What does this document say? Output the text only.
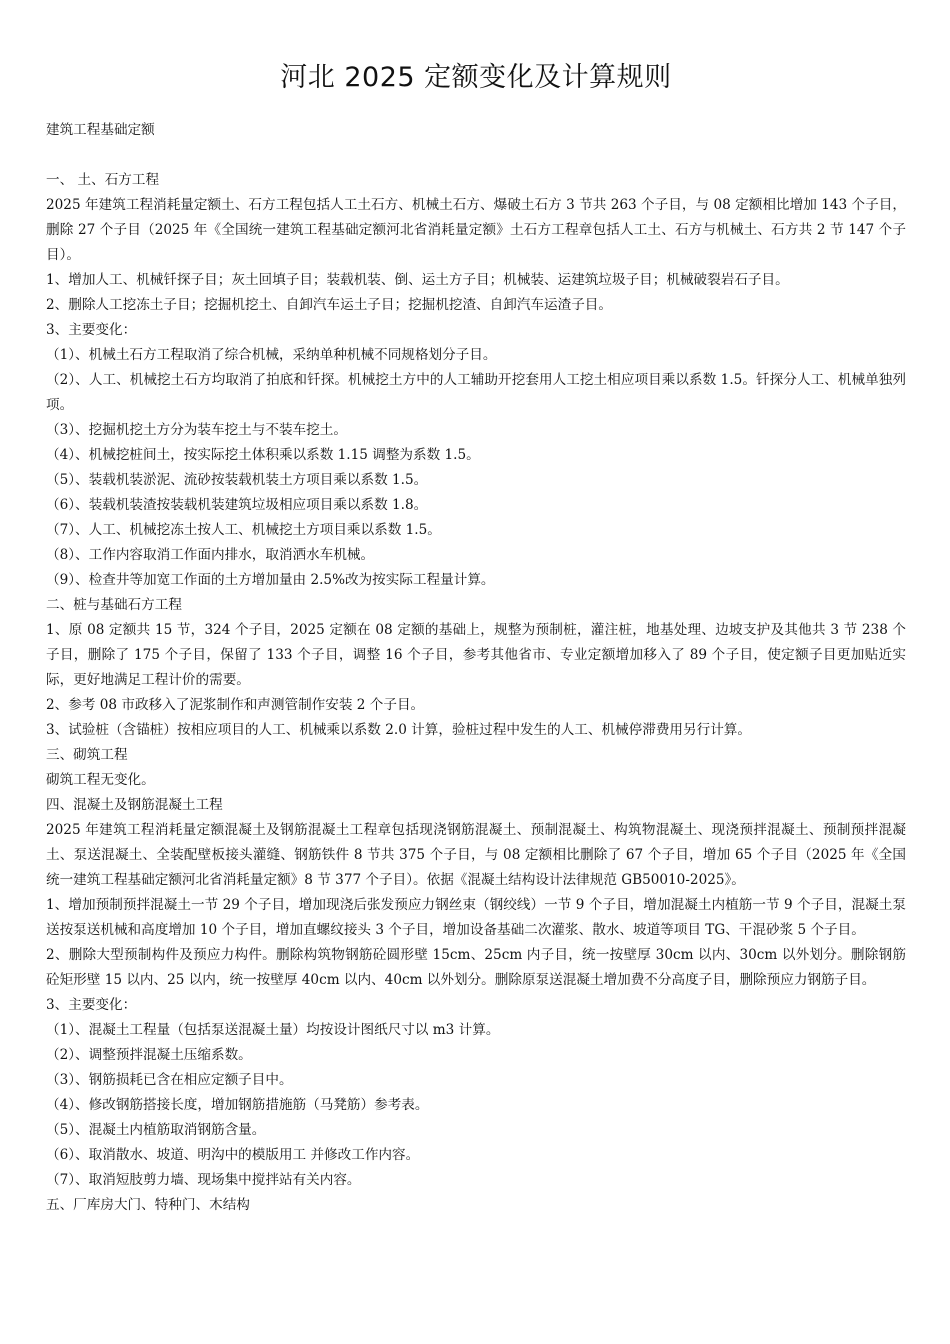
河北 2025 定额变化及计算规则
建筑工程基础定额

一、 土、石方工程

2025 年建筑工程消耗量定额土、石方工程包括人工土石方、机械土石方、爆破土石方 3 节共 263 个子目，与 08 定额相比增加 143 个子目，删除 27 个子目（2025 年《全国统一建筑工程基础定额河北省消耗量定额》土石方工程章包括人工土、石方与机械土、石方共 2 节 147 个子目）。

1、增加人工、机械钎探子目；灰土回填子目；装载机装、倒、运土方子目；机械装、运建筑垃圾子目；机械破裂岩石子目。

2、删除人工挖冻土子目；挖掘机挖土、自卸汽车运土子目；挖掘机挖渣、自卸汽车运渣子目。

3、主要变化：

（1）、机械土石方工程取消了综合机械，采纳单种机械不同规格划分子目。

（2）、人工、机械挖土石方均取消了拍底和钎探。机械挖土方中的人工辅助开挖套用人工挖土相应项目乘以系数 1.5。钎探分人工、机械单独列项。

（3）、挖掘机挖土方分为装车挖土与不装车挖土。

（4）、机械挖桩间土，按实际挖土体积乘以系数 1.15 调整为系数 1.5。

（5）、装载机装淤泥、流砂按装载机装土方项目乘以系数 1.5。

（6）、装载机装渣按装载机装建筑垃圾相应项目乘以系数 1.8。

（7）、人工、机械挖冻土按人工、机械挖土方项目乘以系数 1.5。

（8）、工作内容取消工作面内排水，取消洒水车机械。

（9）、检查井等加宽工作面的土方增加量由 2.5%改为按实际工程量计算。

二、桩与基础石方工程

1、原 08 定额共 15 节，324 个子目，2025 定额在 08 定额的基础上，规整为预制桩，灌注桩，地基处理、边坡支护及其他共 3 节 238 个子目，删除了 175 个子目，保留了 133 个子目，调整 16 个子目，参考其他省市、专业定额增加移入了 89 个子目，使定额子目更加贴近实际，更好地满足工程计价的需要。

2、参考 08 市政移入了泥浆制作和声测管制作安装 2 个子目。

3、试验桩（含锚桩）按相应项目的人工、机械乘以系数 2.0 计算，验桩过程中发生的人工、机械停滞费用另行计算。

三、砌筑工程

砌筑工程无变化。

四、混凝土及钢筋混凝土工程

2025 年建筑工程消耗量定额混凝土及钢筋混凝土工程章包括现浇钢筋混凝土、预制混凝土、构筑物混凝土、现浇预拌混凝土、预制预拌混凝土、泵送混凝土、全装配壁板接头灌缝、钢筋铁件 8 节共 375 个子目，与 08 定额相比删除了 67 个子目，增加 65 个子目（2025 年《全国统一建筑工程基础定额河北省消耗量定额》8 节 377 个子目）。依据《混凝土结构设计法律规范 GB50010-2025》。

1、增加预制预拌混凝土一节 29 个子目，增加现浇后张发预应力钢丝束（钢绞线）一节 9 个子目，增加混凝土内植筋一节 9 个子目，混凝土泵送按泵送机械和高度增加 10 个子目，增加直螺纹接头 3 个子目，增加设备基础二次灌浆、散水、坡道等项目 TG、干混砂浆 5 个子目。

2、删除大型预制构件及预应力构件。删除构筑物钢筋砼圆形壁 15cm、25cm 内子目，统一按壁厚 30cm 以内、30cm 以外划分。删除钢筋砼矩形壁 15 以内、25 以内，统一按壁厚 40cm 以内、40cm 以外划分。删除原泵送混凝土增加费不分高度子目，删除预应力钢筋子目。

3、主要变化：

（1）、混凝土工程量（包括泵送混凝土量）均按设计图纸尺寸以 m3 计算。

（2）、调整预拌混凝土压缩系数。

（3）、钢筋损耗已含在相应定额子目中。

（4）、修改钢筋搭接长度，增加钢筋措施筋（马凳筋）参考表。

（5）、混凝土内植筋取消钢筋含量。

（6）、取消散水、坡道、明沟中的模版用工 并修改工作内容。

（7）、取消短肢剪力墙、现场集中搅拌站有关内容。

五、厂库房大门、特种门、木结构
